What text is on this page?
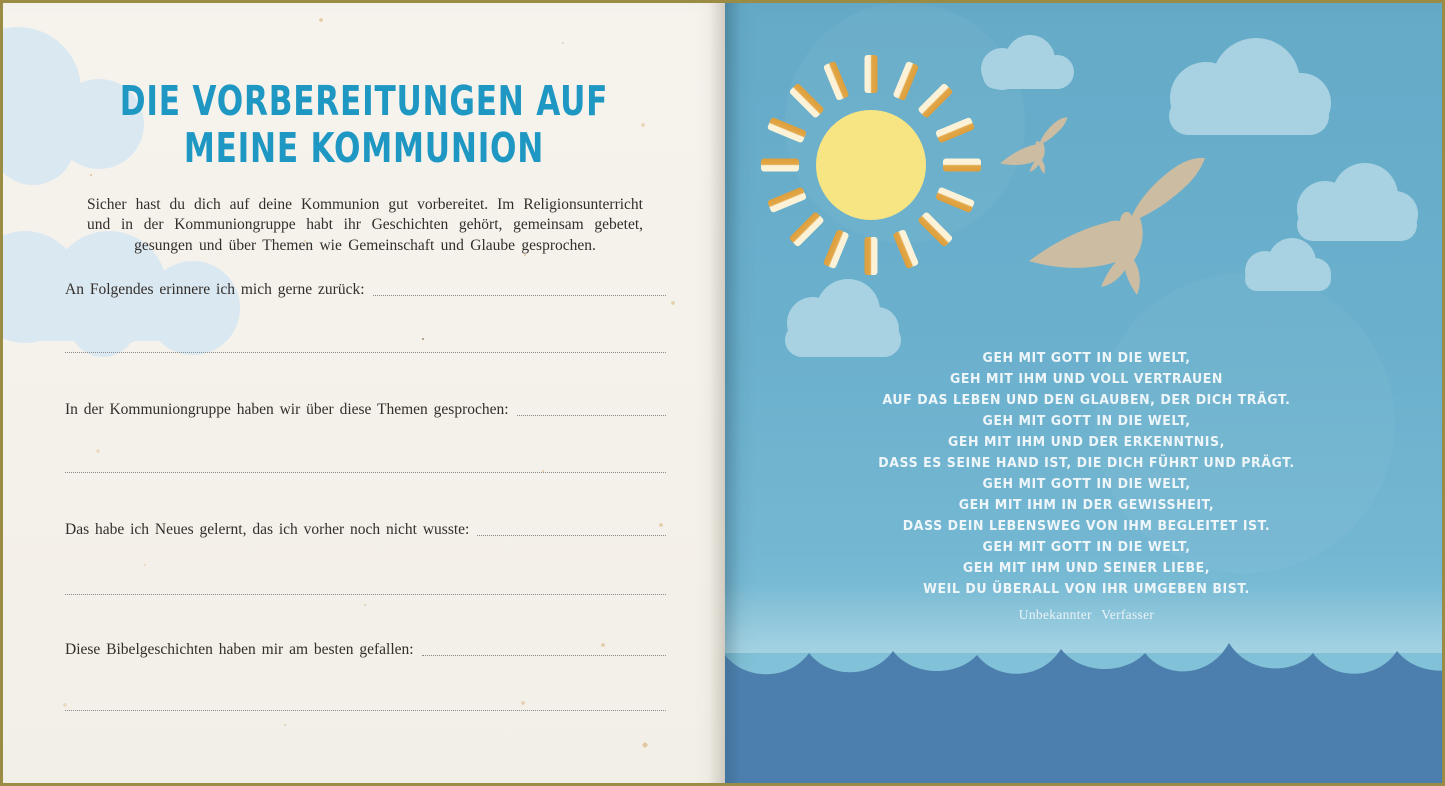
DIE VORBEREITUNGEN AUF
MEINE KOMMUNION

Sicher hast du dich auf deine Kommunion gut vorbereitet. Im Religionsunterricht und in der Kommuniongruppe habt ihr Geschichten gehört, gemeinsam gebetet, gesungen und über Themen wie Gemeinschaft und Glaube gesprochen.

An Folgendes erinnere ich mich gerne zurück:
In der Kommuniongruppe haben wir über diese Themen gesprochen:
Das habe ich Neues gelernt, das ich vorher noch nicht wusste:
Diese Bibelgeschichten haben mir am besten gefallen:
GEH MIT GOTT IN DIE WELT,
GEH MIT IHM UND VOLL VERTRAUEN
AUF DAS LEBEN UND DEN GLAUBEN, DER DICH TRÄGT.
GEH MIT GOTT IN DIE WELT,
GEH MIT IHM UND DER ERKENNTNIS,
DASS ES SEINE HAND IST, DIE DICH FÜHRT UND PRÄGT.
GEH MIT GOTT IN DIE WELT,
GEH MIT IHM IN DER GEWISSHEIT,
DASS DEIN LEBENSWEG VON IHM BEGLEITET IST.
GEH MIT GOTT IN DIE WELT,
GEH MIT IHM UND SEINER LIEBE,
WEIL DU ÜBERALL VON IHR UMGEBEN BIST.
Unbekannter Verfasser
